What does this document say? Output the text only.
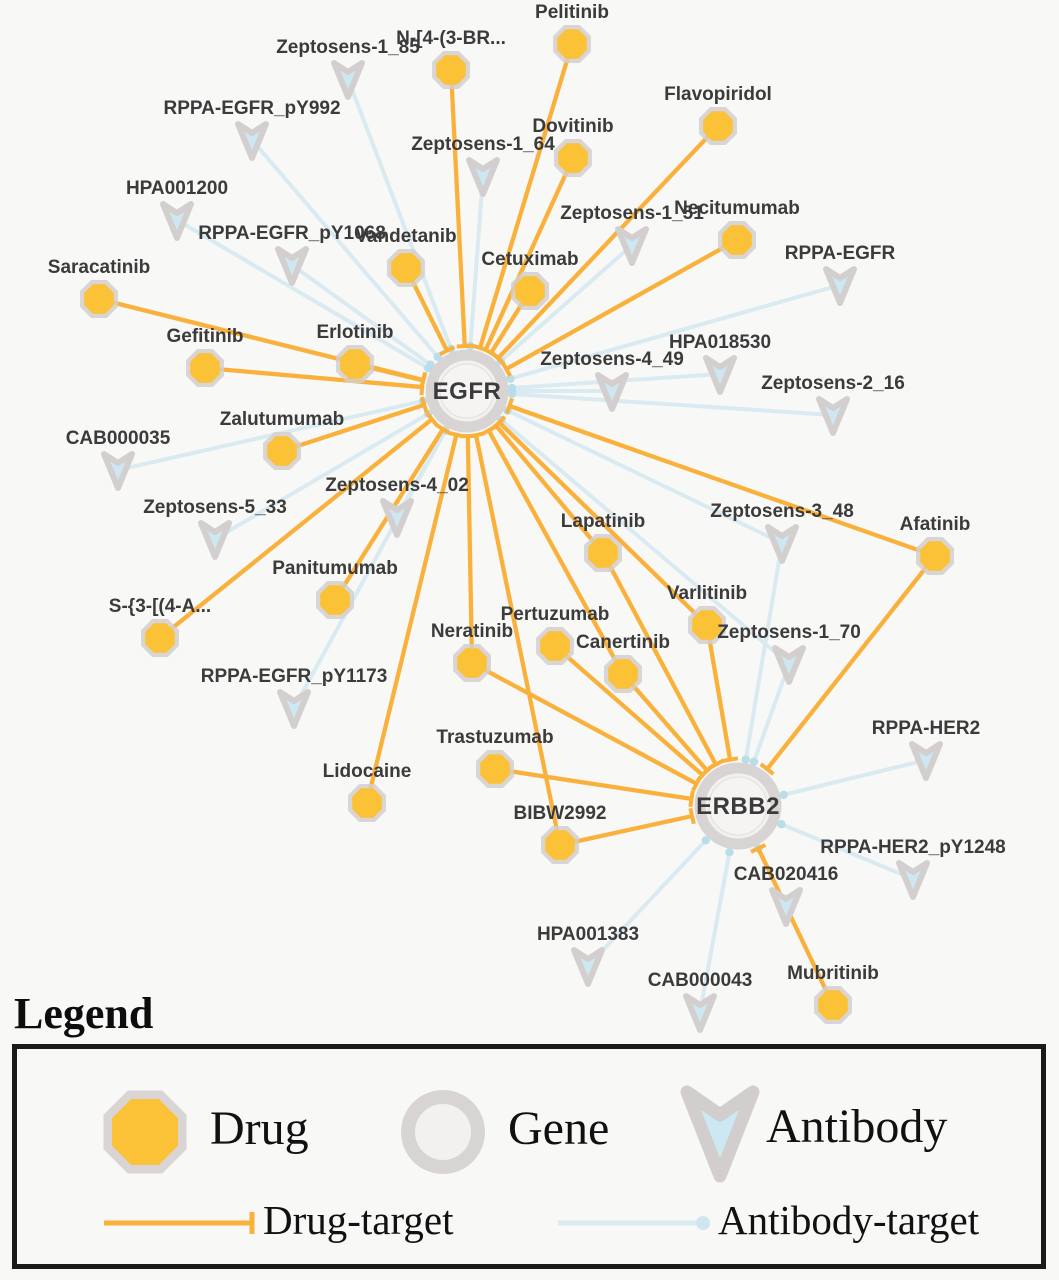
EGFR
ERBB2
Pelitinib
N-[4-(3-BR...
Dovitinib
Flavopiridol
Vandetanib
Cetuximab
Necitumumab
Saracatinib
Gefitinib	Erlotinib
Zalutumumab
Panitumumab
S-{3-[(4-A...
Lidocaine
Lapatinib
Varlitinib
Afatinib
Neratinib
Pertuzumab
Canertinib
Trastuzumab
BIBW2992
Mubritinib
Zeptosens-1_85
RPPA-EGFR_pY992
HPA001200
RPPA-EGFR_pY1068
Zeptosens-1_64
Zeptosens-1_51
RPPA-EGFR
HPA018530
Zeptosens-4_49
Zeptosens-2_16
CAB000035
Zeptosens-5_33
Zeptosens-4_02
RPPA-EGFR_pY1173
Zeptosens-3_48
Zeptosens-1_70
RPPA-HER2
RPPA-HER2_pY1248
CAB020416
HPA001383
CAB000043
Legend
Drug	Gene	Antibody
Drug-target	Antibody-target
